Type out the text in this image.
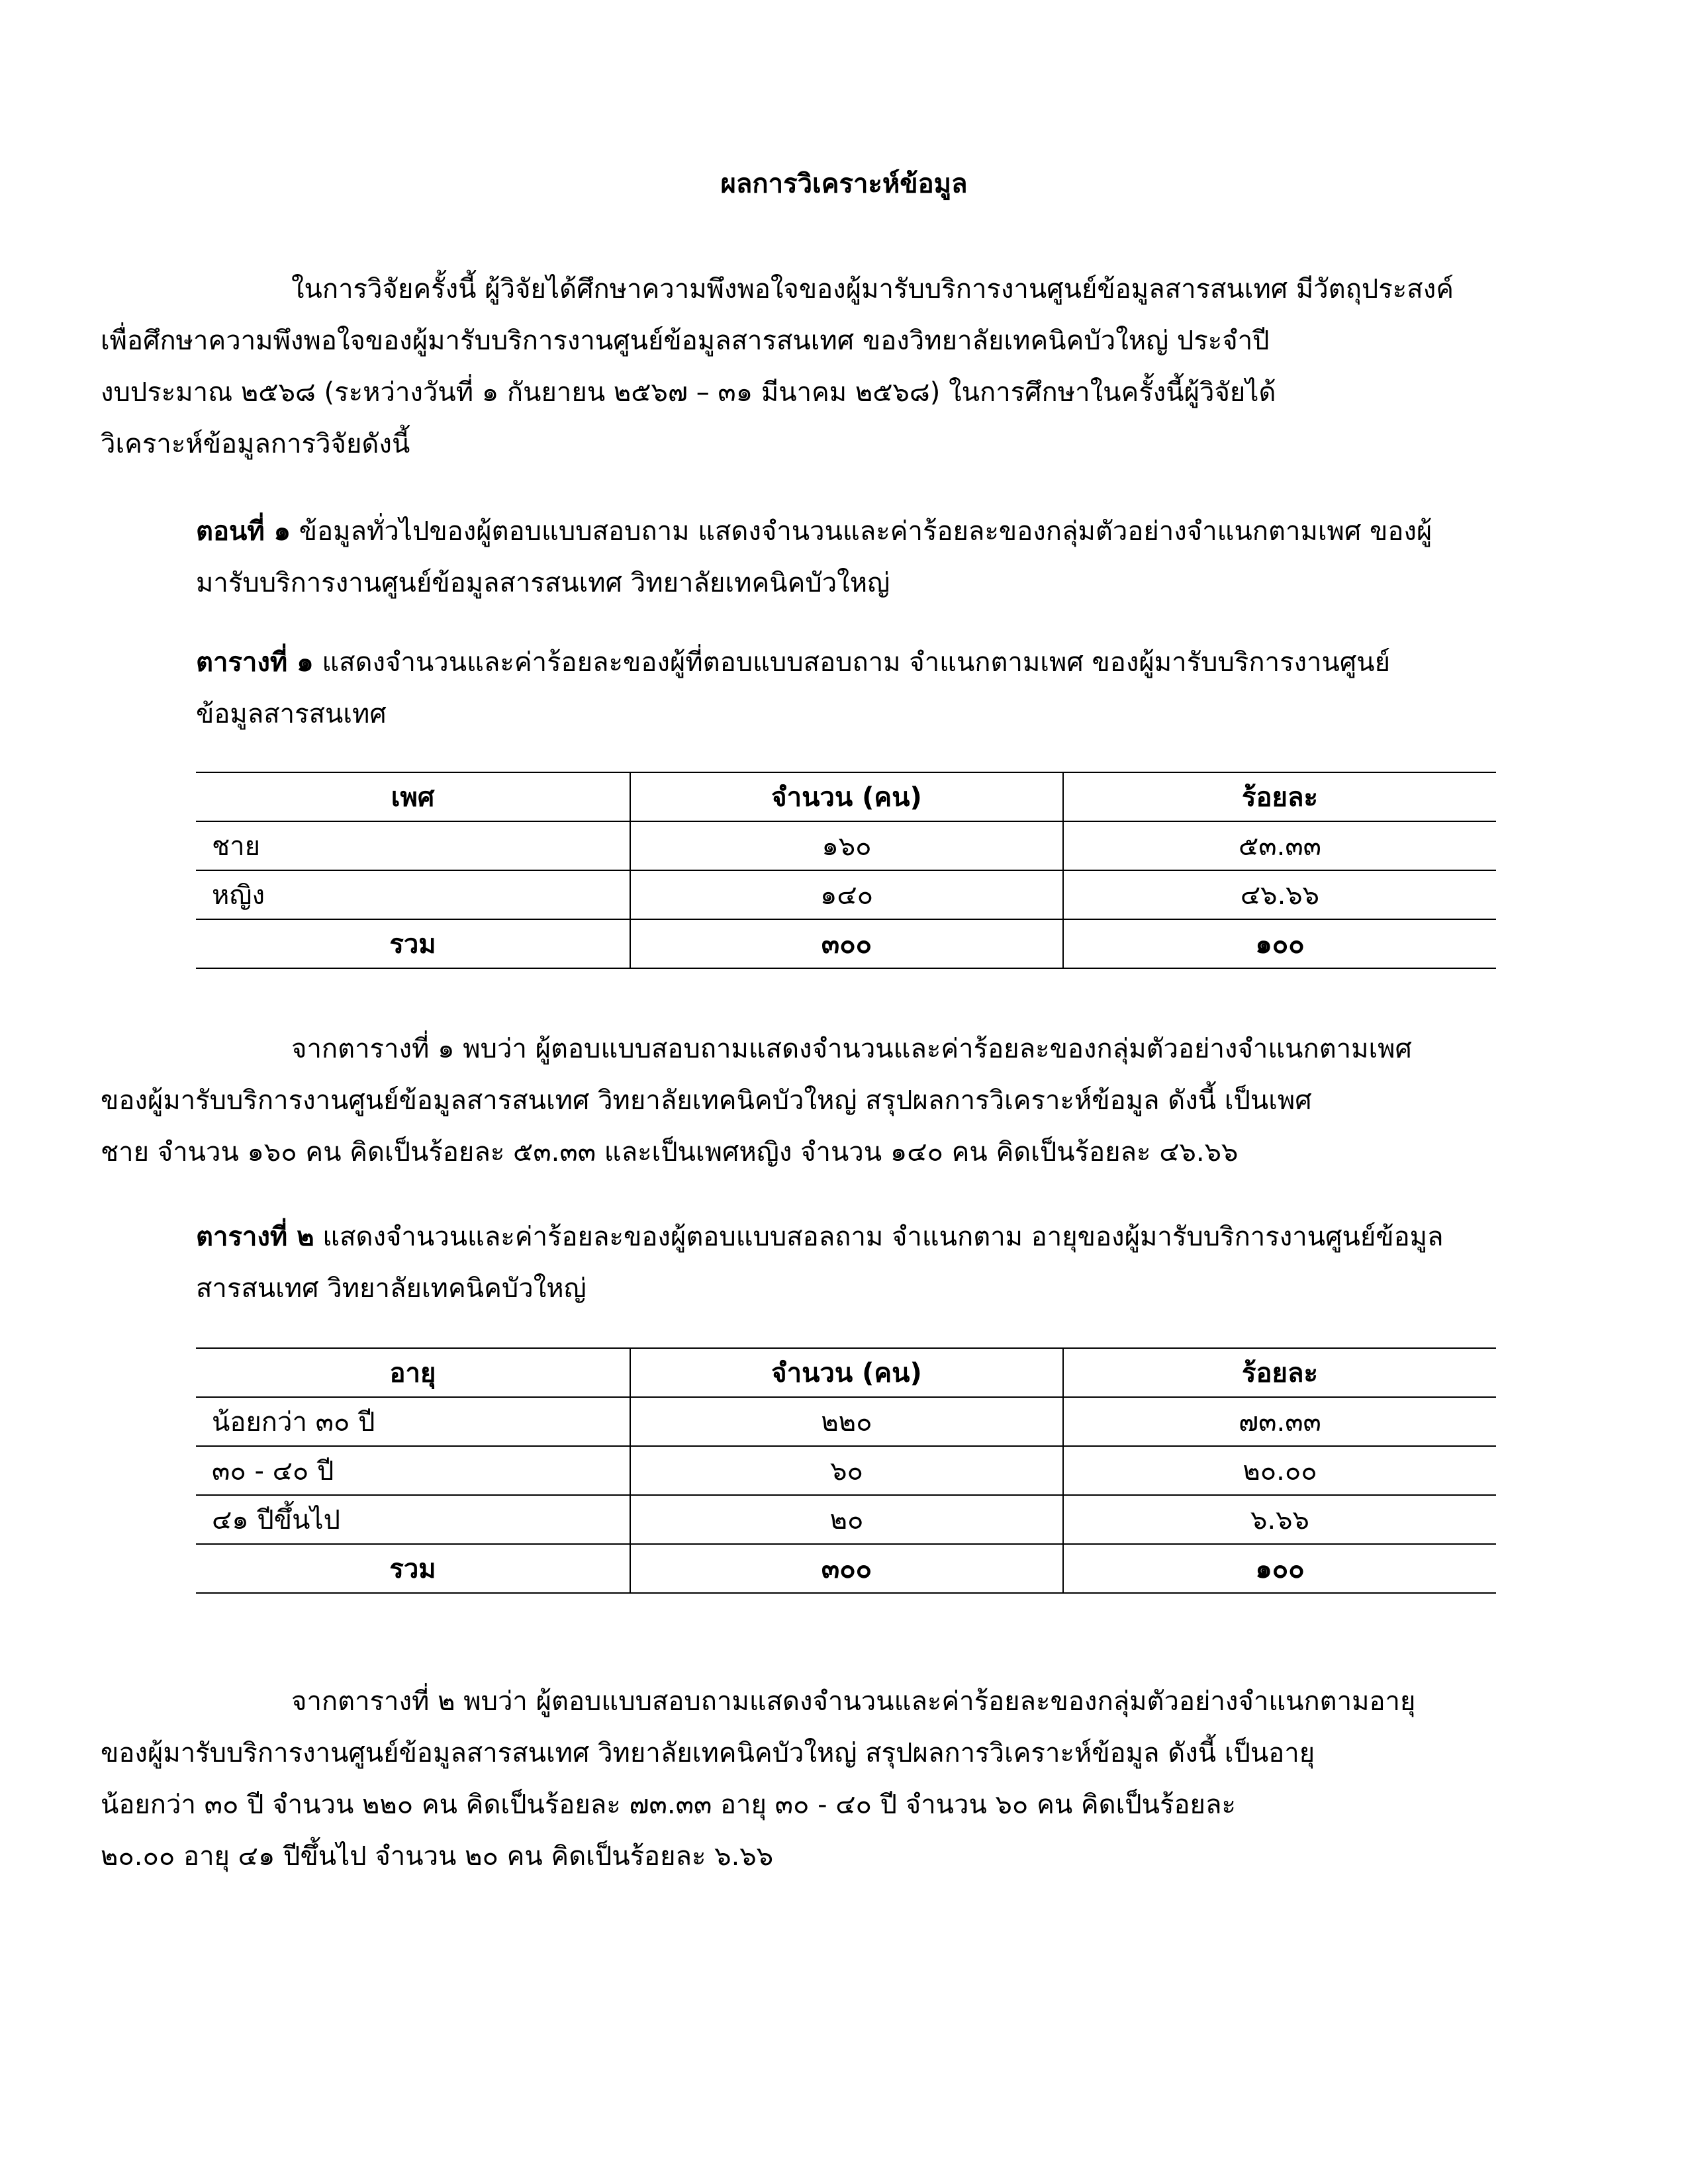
ผลการวิเคราะห์ข้อมูล
ในการวิจัยครั้งนี้ ผู้วิจัยได้ศึกษาความพึงพอใจของผู้มารับบริการงานศูนย์ข้อมูลสารสนเทศ มีวัตถุประสงค์
เพื่อศึกษาความพึงพอใจของผู้มารับบริการงานศูนย์ข้อมูลสารสนเทศ ของวิทยาลัยเทคนิคบัวใหญ่ ประจำปี
งบประมาณ ๒๕๖๘ (ระหว่างวันที่ ๑ กันยายน ๒๕๖๗ – ๓๑ มีนาคม ๒๕๖๘) ในการศึกษาในครั้งนี้ผู้วิจัยได้
วิเคราะห์ข้อมูลการวิจัยดังนี้
ตอนที่ ๑ ข้อมูลทั่วไปของผู้ตอบแบบสอบถาม แสดงจำนวนและค่าร้อยละของกลุ่มตัวอย่างจำแนกตามเพศ ของผู้
มารับบริการงานศูนย์ข้อมูลสารสนเทศ วิทยาลัยเทคนิคบัวใหญ่
ตารางที่ ๑ แสดงจำนวนและค่าร้อยละของผู้ที่ตอบแบบสอบถาม จำแนกตามเพศ ของผู้มารับบริการงานศูนย์
ข้อมูลสารสนเทศ
เพศ	จำนวน (คน)	ร้อยละ
ชาย	๑๖๐	๕๓.๓๓
หญิง	๑๔๐	๔๖.๖๖
รวม	๓๐๐	๑๐๐
จากตารางที่ ๑ พบว่า ผู้ตอบแบบสอบถามแสดงจำนวนและค่าร้อยละของกลุ่มตัวอย่างจำแนกตามเพศ
ของผู้มารับบริการงานศูนย์ข้อมูลสารสนเทศ วิทยาลัยเทคนิคบัวใหญ่ สรุปผลการวิเคราะห์ข้อมูล ดังนี้ เป็นเพศ
ชาย จำนวน ๑๖๐ คน คิดเป็นร้อยละ ๕๓.๓๓ และเป็นเพศหญิง จำนวน ๑๔๐ คน คิดเป็นร้อยละ ๔๖.๖๖
ตารางที่ ๒ แสดงจำนวนและค่าร้อยละของผู้ตอบแบบสอลถาม จำแนกตาม อายุของผู้มารับบริการงานศูนย์ข้อมูล
สารสนเทศ วิทยาลัยเทคนิคบัวใหญ่
อายุ	จำนวน (คน)	ร้อยละ
น้อยกว่า ๓๐ ปี	๒๒๐	๗๓.๓๓
๓๐ - ๔๐ ปี	๖๐	๒๐.๐๐
๔๑ ปีขึ้นไป	๒๐	๖.๖๖
รวม	๓๐๐	๑๐๐
จากตารางที่ ๒ พบว่า ผู้ตอบแบบสอบถามแสดงจำนวนและค่าร้อยละของกลุ่มตัวอย่างจำแนกตามอายุ
ของผู้มารับบริการงานศูนย์ข้อมูลสารสนเทศ วิทยาลัยเทคนิคบัวใหญ่ สรุปผลการวิเคราะห์ข้อมูล ดังนี้ เป็นอายุ
น้อยกว่า ๓๐ ปี จำนวน ๒๒๐ คน คิดเป็นร้อยละ ๗๓.๓๓ อายุ ๓๐ - ๔๐ ปี จำนวน ๖๐ คน คิดเป็นร้อยละ
๒๐.๐๐ อายุ ๔๑ ปีขึ้นไป จำนวน ๒๐ คน คิดเป็นร้อยละ ๖.๖๖
